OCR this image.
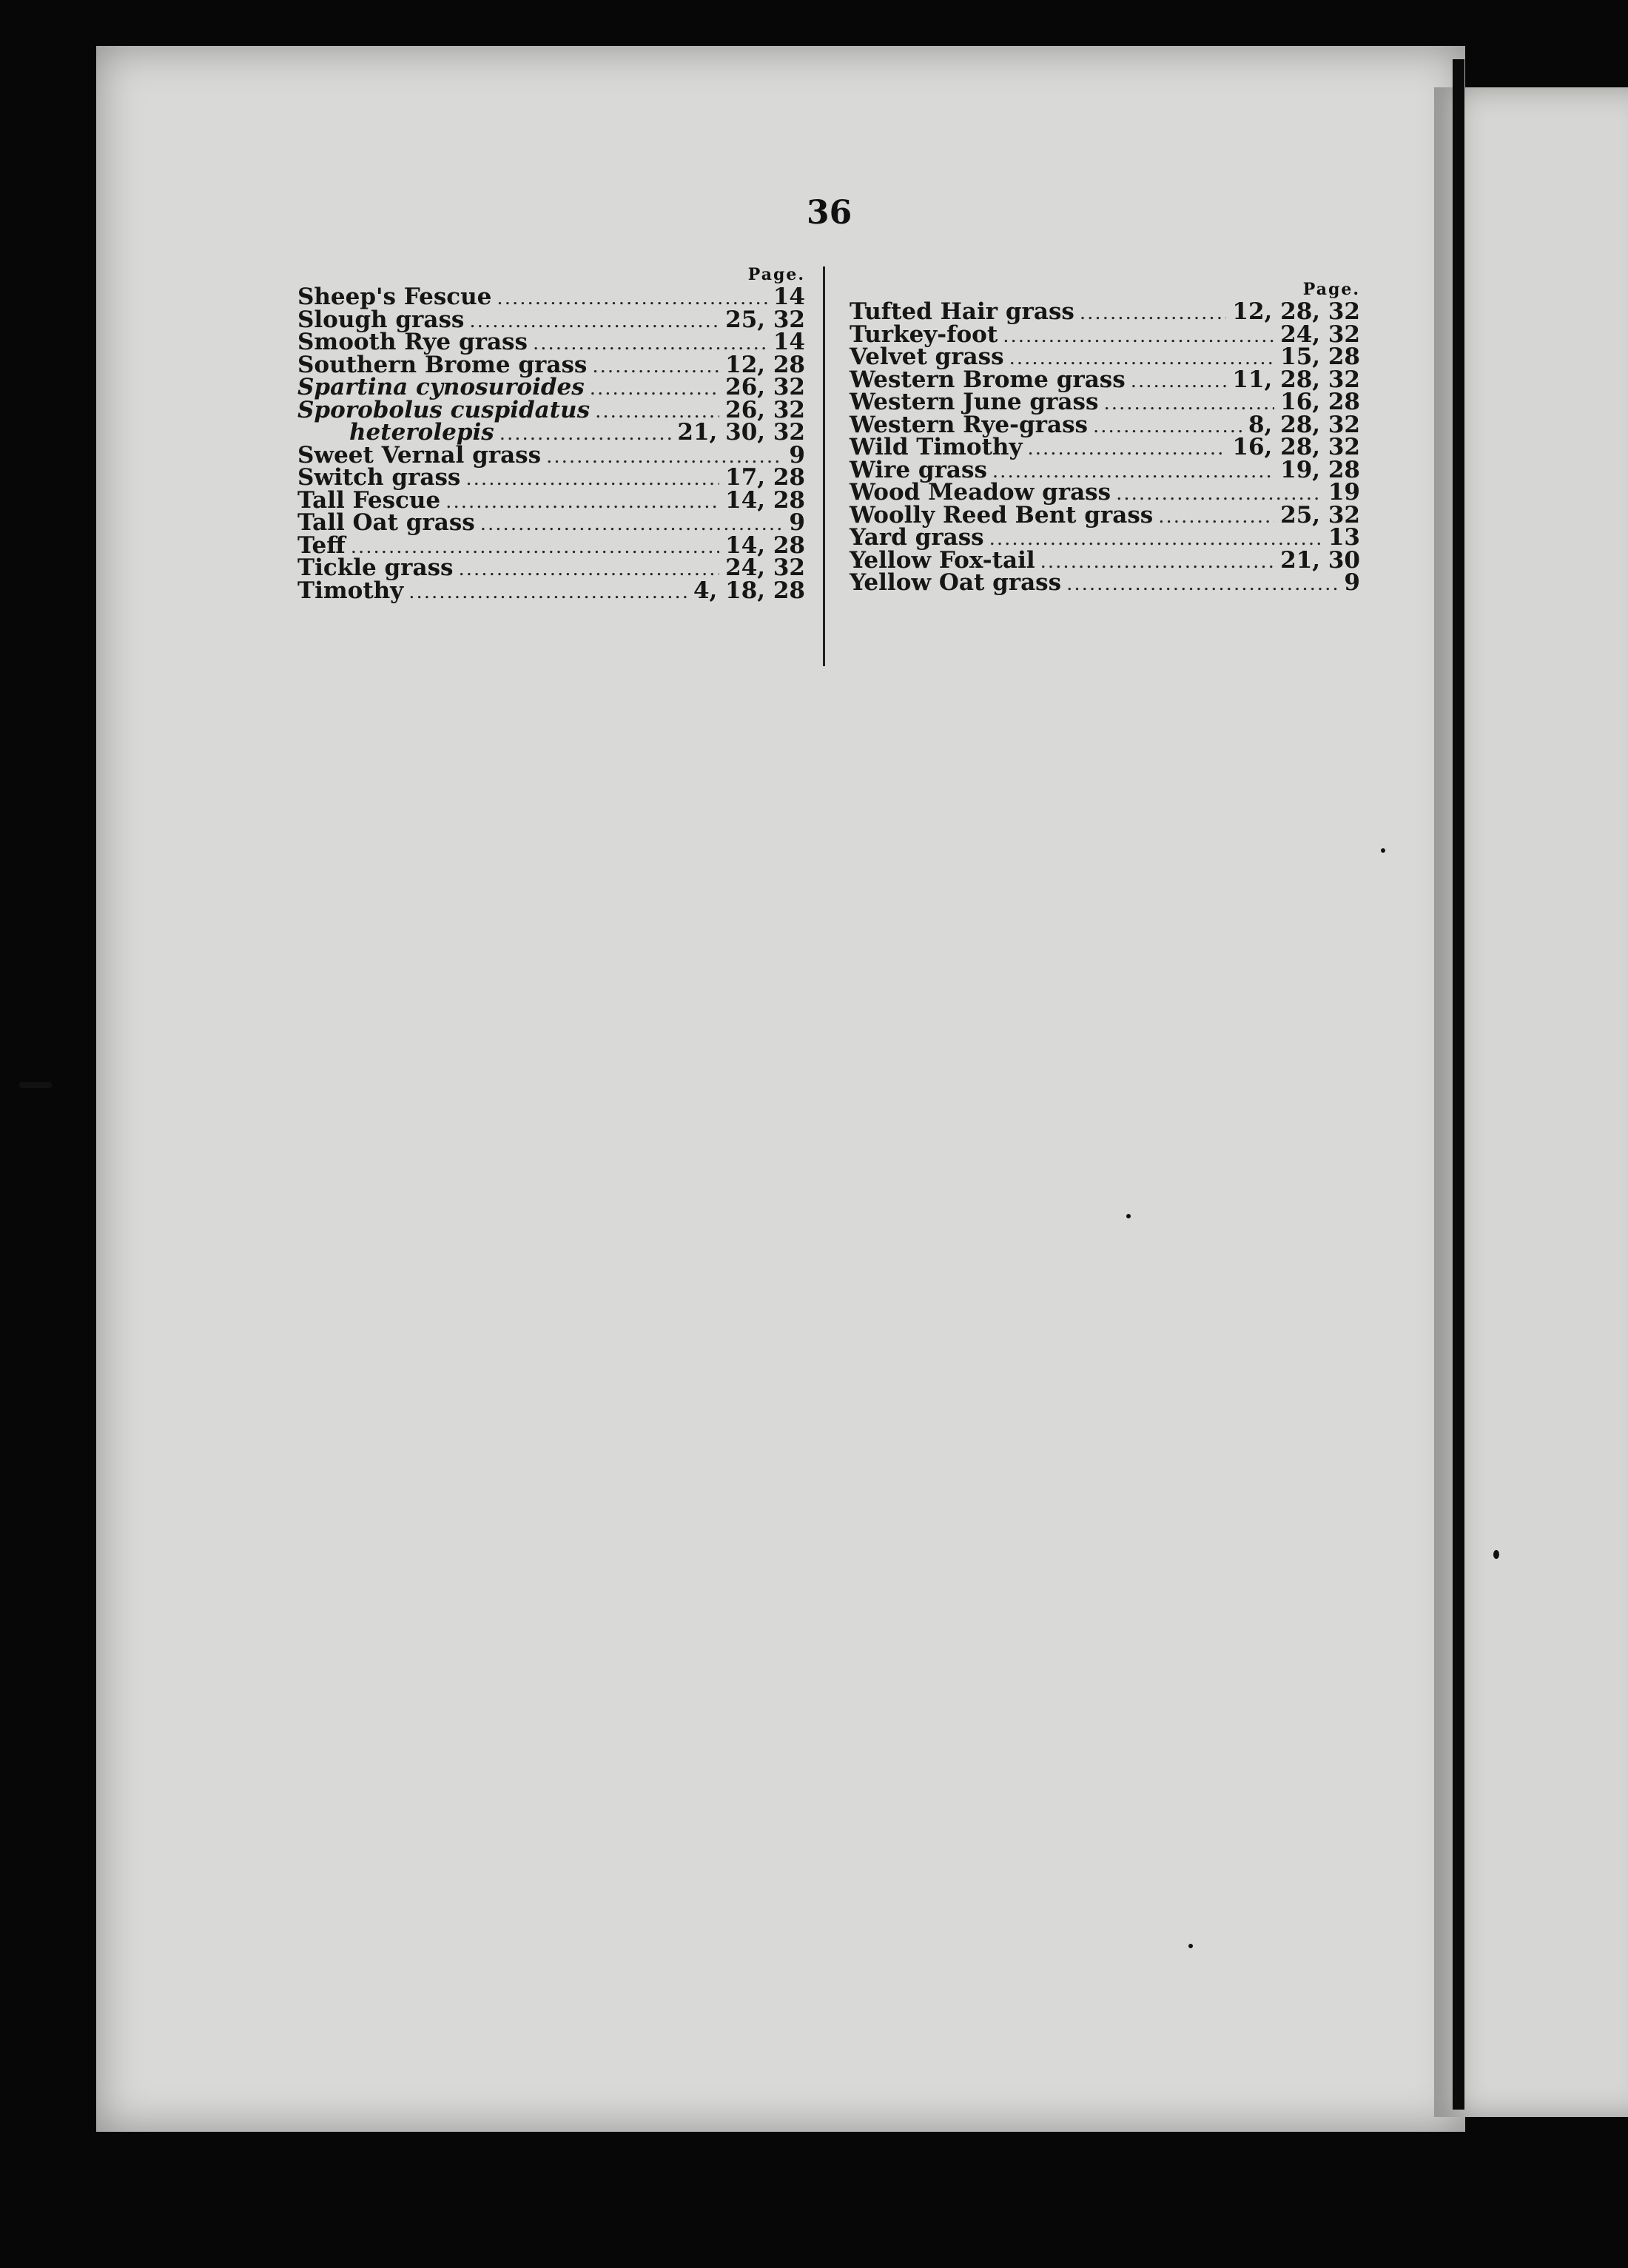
36
Page.
Sheep's Fescue .....	14
Slough grass .....	25, 32
Smooth Rye grass .....	14
Southern Brome grass .....	12, 28
Spartina cynosuroides .....	26, 32
Sporobolus cuspidatus .....	26, 32
heterolepis .....	21, 30, 32
Sweet Vernal grass .....	9
Switch grass .....	17, 28
Tall Fescue .....	14, 28
Tall Oat grass .....	9
Teff .....	14, 28
Tickle grass .....	24, 32
Timothy .....	4, 18, 28
Page.
Tufted Hair grass .....	12, 28, 32
Turkey-foot .....	24, 32
Velvet grass .....	15, 28
Western Brome grass .....	11, 28, 32
Western June grass .....	16, 28
Western Rye-grass .....	8, 28, 32
Wild Timothy .....	16, 28, 32
Wire grass .....	19, 28
Wood Meadow grass .....	19
Woolly Reed Bent grass .....	25, 32
Yard grass .....	13
Yellow Fox-tail .....	21, 30
Yellow Oat grass .....	9
